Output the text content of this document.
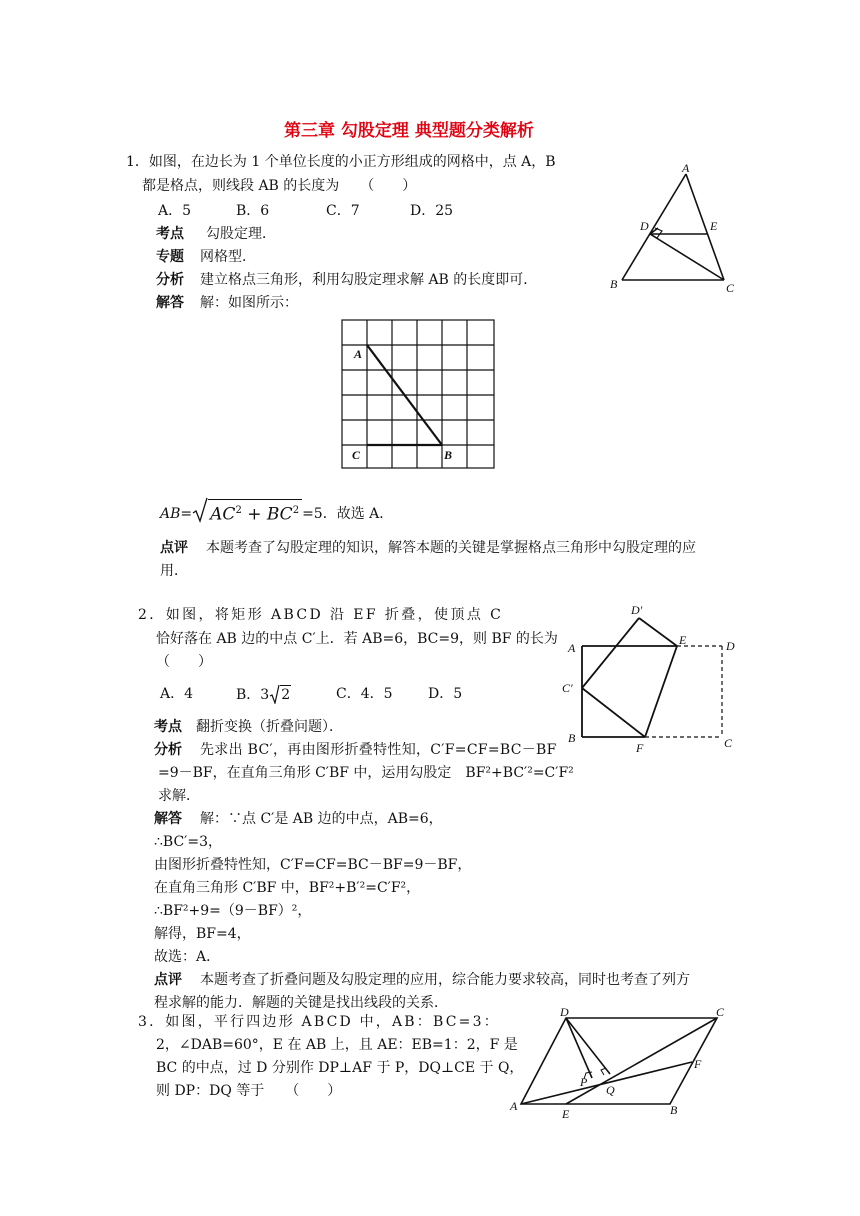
第三章 勾股定理 典型题分类解析
1．如图，在边长为 1 个单位长度的小正方形组成的网格中，点 A，B
都是格点，则线段 AB 的长度为　　（　　）
A．5	B．6	C．7	D．25
考点 勾股定理．
专题 网格型．
分析 建立格点三角形，利用勾股定理求解 AB 的长度即可．
解答 解：如图所示：
A
D	E
B	C
A
C	B
$AB= AC^2 + BC^2 =5$．故选 A．
点评 本题考查了勾股定理的知识，解答本题的关键是掌握格点三角形中勾股定理的应
用．
2．如图，将矩形 ABCD 沿 EF 折叠，使顶点 C
恰好落在 AB 边的中点 C′上．若 AB=6，BC=9，则 BF 的长为
（　　）
A．4	B．3 2	C．4．5	D．5
考点 翻折变换（折叠问题）．
分析 先求出 BC′，再由图形折叠特性知，C′F=CF=BC－BF
=9－BF，在直角三角形 C′BF 中，运用勾股定　BF²+BC′²=C′F²
求解．
解答 解：∵点 C′是 AB 边的中点，AB=6，
∴BC′=3，
由图形折叠特性知，C′F=CF=BC－BF=9－BF，
在直角三角形 C′BF 中，BF²+B′²=C′F²，
∴BF²+9=（9－BF）²，
解得，BF=4，
故选：A．
点评 本题考查了折叠问题及勾股定理的应用，综合能力要求较高，同时也考查了列方
程求解的能力．解题的关键是找出线段的关系．
D′
E	D
A
C′
B
F	C
3．如图，平行四边形 ABCD 中，AB：BC=3：
2，∠DAB=60°，E 在 AB 上，且 AE：EB=1：2，F 是
BC 的中点，过 D 分别作 DP⊥AF 于 P，DQ⊥CE 于 Q，
则 DP：DQ 等于　　（　　）
D	C
F
P
Q
A
E	B
